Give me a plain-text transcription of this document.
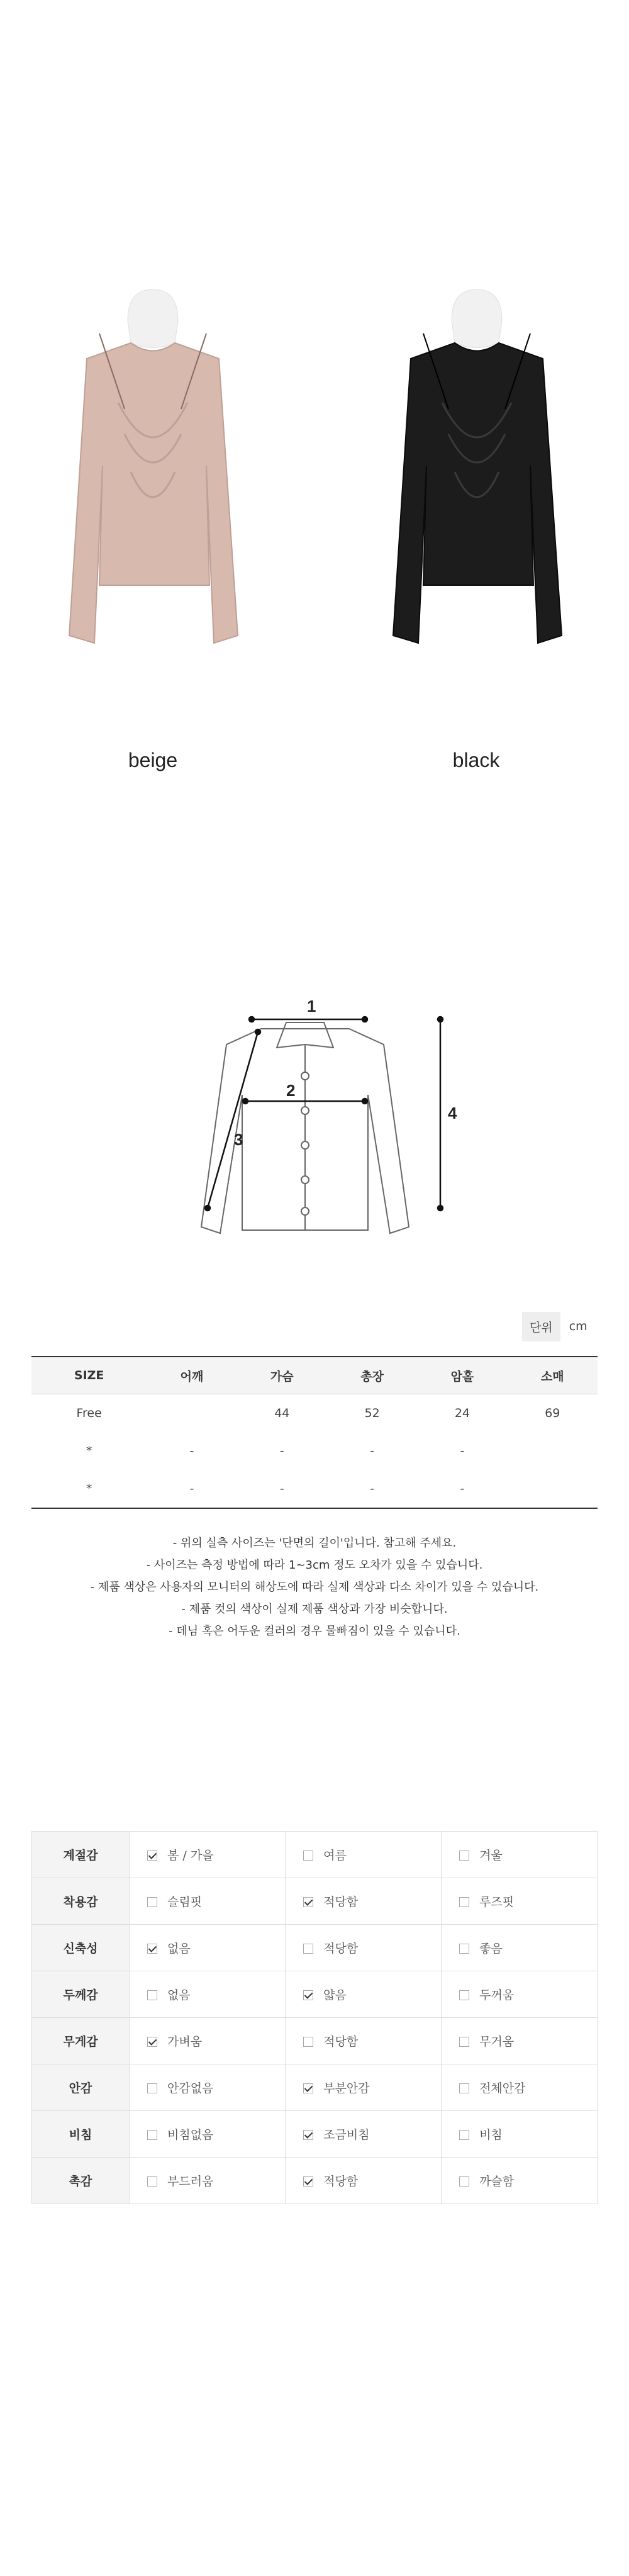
beige	black
1
2
3
4
단위	cm
SIZE	어깨	가슴	총장	암홀	소매
Free		44	52	24	69
*	-	-	-	-	
*	-	-	-	-	
- 위의 실측 사이즈는 '단면의 길이'입니다. 참고해 주세요.
- 사이즈는 측정 방법에 따라 1~3cm 정도 오차가 있을 수 있습니다.
- 제품 색상은 사용자의 모니터의 해상도에 따라 실제 색상과 다소 차이가 있을 수 있습니다.
- 제품 컷의 색상이 실제 제품 색상과 가장 비슷합니다.
- 데님 혹은 어두운 컬러의 경우 물빠짐이 있을 수 있습니다.
계절감	봄 / 가을	여름	겨울
착용감	슬림핏	적당함	루즈핏
신축성	없음	적당함	좋음
두께감	없음	얇음	두꺼움
무게감	가벼움	적당함	무거움
안감	안감없음	부분안감	전체안감
비침	비침없음	조금비침	비침
촉감	부드러움	적당함	까슬함
